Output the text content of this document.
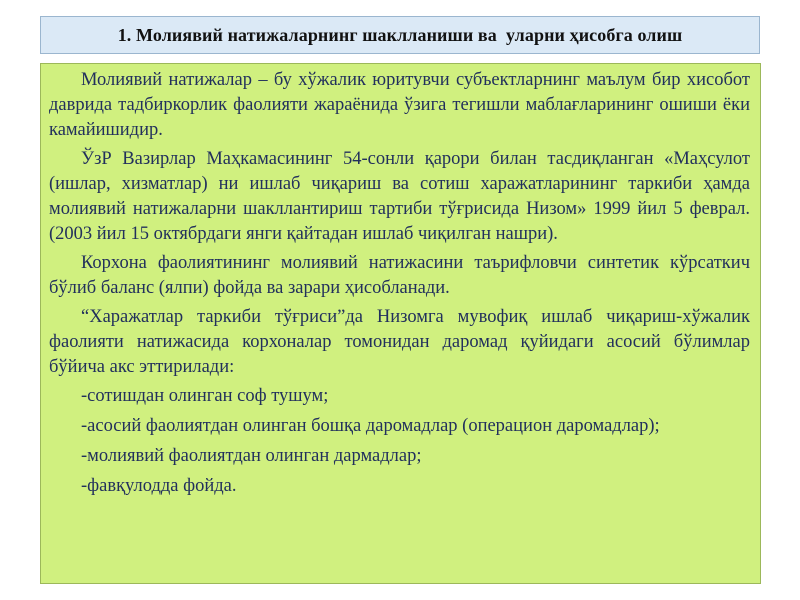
1. Молиявий натижаларнинг шаклланиши ва  уларни ҳисобга олиш

Молиявий натижалар – бу хўжалик юритувчи субъектларнинг маълум бир хисобот даврида тадбиркорлик фаолияти жараёнида ўзига тегишли маблағларининг ошиши ёки камайишидир.

ЎзР Вазирлар Маҳкамасининг 54-сонли қарори билан тасдиқланган «Маҳсулот (ишлар, хизматлар) ни ишлаб чиқариш ва сотиш харажатларининг таркиби ҳамда молиявий натижаларни шакллантириш тартиби тўғрисида Низом» 1999 йил 5 феврал. (2003 йил 15 октябрдаги янги қайтадан ишлаб чиқилган нашри).

Корхона фаолиятининг молиявий натижасини таърифловчи синтетик кўрсаткич бўлиб баланс (ялпи) фойда ва зарари ҳисобланади.

“Харажатлар таркиби тўғриси”да Низомга мувофиқ ишлаб чиқариш-хўжалик фаолияти натижасида корхоналар томонидан даромад қуйидаги асосий бўлимлар бўйича акс эттирилади:

-сотишдан олинган соф тушум;

-асосий фаолиятдан олинган бошқа даромадлар (операцион даромадлар);

-молиявий фаолиятдан олинган дармадлар;

-фавқулодда фойда.
